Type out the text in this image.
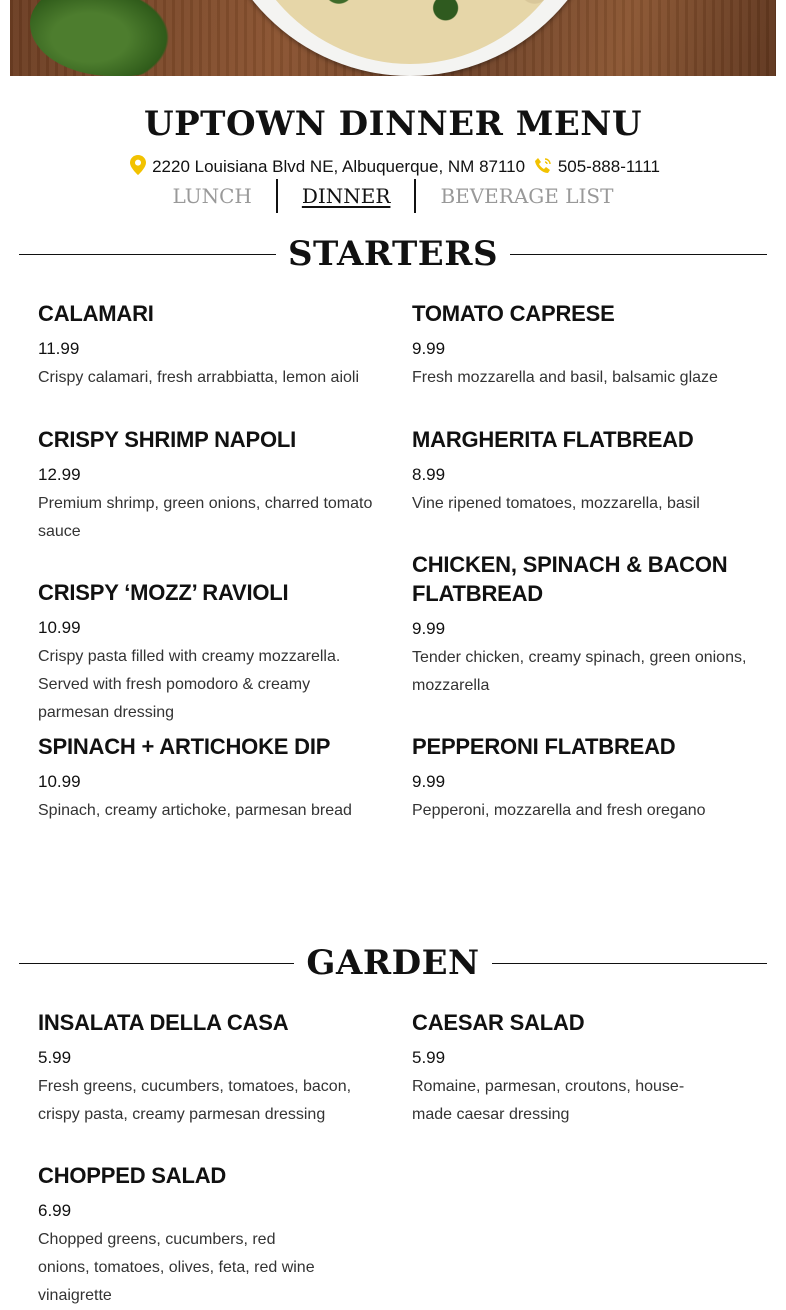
UPTOWN DINNER MENU
2220 Louisiana Blvd NE, Albuquerque, NM 87110 505-888-1111
LUNCH	DINNER	BEVERAGE LIST
STARTERS
CALAMARI
11.99
Crispy calamari, fresh arrabbiatta, lemon aioli
TOMATO CAPRESE
9.99
Fresh mozzarella and basil, balsamic glaze
CRISPY SHRIMP NAPOLI
12.99
Premium shrimp, green onions, charred tomato sauce
MARGHERITA FLATBREAD
8.99
Vine ripened tomatoes, mozzarella, basil
CRISPY ‘MOZZ’ RAVIOLI
10.99
Crispy pasta filled with creamy mozzarella. Served with fresh pomodoro & creamy parmesan dressing
CHICKEN, SPINACH & BACON FLATBREAD
9.99
Tender chicken, creamy spinach, green onions, mozzarella
SPINACH + ARTICHOKE DIP
10.99
Spinach, creamy artichoke, parmesan bread
PEPPERONI FLATBREAD
9.99
Pepperoni, mozzarella and fresh oregano
GARDEN
INSALATA DELLA CASA
5.99
Fresh greens, cucumbers, tomatoes, bacon, crispy pasta, creamy parmesan dressing
CAESAR SALAD
5.99
Romaine, parmesan, croutons, house-made caesar dressing
CHOPPED SALAD
6.99
Chopped greens, cucumbers, red onions, tomatoes, olives, feta, red wine vinaigrette
